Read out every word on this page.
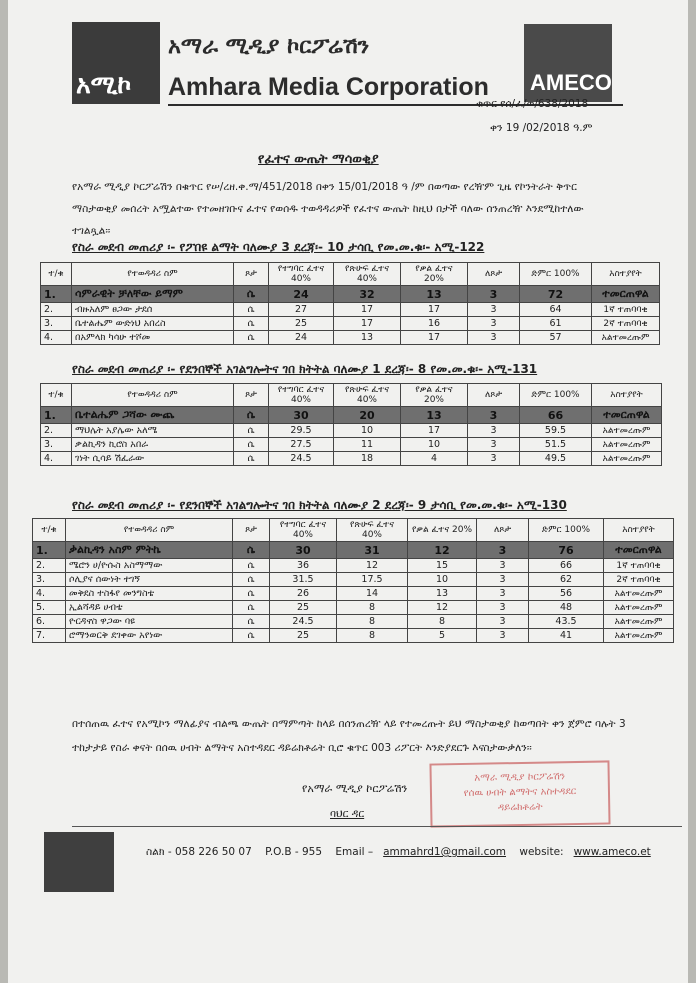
አሚኮ
አማራ ሚዲያ ኮርፖሬሽን
Amhara Media Corporation AMECO
ቁጥር የሰ/ፈ/ወ/638/2018
ቀን 19 /02/2018 ዓ.ም
የፈተና ውጤት ማሳወቂያ
የአማራ ሚዲያ ኮርፖሬሽን በቁጥር የሠ/ረዘ.ቀ.ማ/451/2018 በቀን 15/01/2018 ዓ /ም በወጣው የረዥም ጊዜ የኮንትራት ቅጥር ማስታወቂያ መሰረት አሟልተው የተመዘገቡና ፈተና የወሰዱ ተወዳዳሪዎች የፈተና ውጤት ከዚህ በታች ባለው ሰንጠረዥ እንደሚከተለው ተገልጿል፡፡
የስራ መደብ መጠሪያ ፡- የፖበዩ ልማት ባለሙያ 3 ደረጃ፡- 10 ታሳቢ የመ.መ.ቁ፡- አሚ-122
ተ/ቁ	የተወዳዳሪ ስም	ጾታ	የተግባር ፈተና 40%	የጽሁፍ ፈተና 40%	የቃል ፈተና 20%	ለጾታ	ድምር 100%	አስተያየት
1.	ሳምራዊት ቻለቸው ይማም	ሴ	24	32	13	3	72	ተመርጠዋል
2.	ብዙአለም ፀጋው ታደሰ	ሴ	27	17	17	3	64	1ኛ ተጠባባቂ
3.	ቤተልሔም ውድነህ አበረስ	ሴ	25	17	16	3	61	2ኛ ተጠባባቂ
4.	በአምላክ ካሳሁ ተሾመ	ሴ	24	13	17	3	57	አልተመረጡም
የስራ መደብ መጠሪያ ፡- የደንበኞች አገልግሎትና ገበ ክትትል ባለሙያ 1 ደረጃ፡- 8 የመ.መ.ቁ፡- አሚ-131
ተ/ቁ	የተወዳዳሪ ስም	ጾታ	የተግባር ፈተና 40%	የጽሁፍ ፈተና 40%	የቃል ፈተና 20%	ለጾታ	ድምር 100%	አስተያየት
1.	ቤተልሔም ጋሻው ሙጨ	ሴ	30	20	13	3	66	ተመርጠዋል
2.	ማህሌት አያሌው አለሜ	ሴ	29.5	10	17	3	59.5	አልተመረጡም
3.	ቃልኪዳን ኪሮስ አበራ	ሴ	27.5	11	10	3	51.5	አልተመረጡም
4.	ገነት ሲሳይ ሽፈራው	ሴ	24.5	18	4	3	49.5	አልተመረጡም
የስራ መደብ መጠሪያ ፡- የደንበኞች አገልግሎትና ገበ ክትትል ባለሙያ 2 ደረጃ፡- 9 ታሳቢ የመ.መ.ቁ፡- አሚ-130
ተ/ቁ	የተወዳዳሪ ስም	ጾታ	የተግባር ፈተና 40%	የጽሁፍ ፈተና 40%	የቃል ፈተና 20%	ለጾታ	ድምር 100%	አስተያየት
1.	ቃልኪዳን አስም ምትኬ	ሴ	30	31	12	3	76	ተመርጠዋል
2.	ሜሮን ሀ/ዮሱስ አስማማው	ሴ	36	12	15	3	66	1ኛ ተጠባባቂ
3.	ሶሊያና ሰውነት ተገኝ	ሴ	31.5	17.5	10	3	62	2ኛ ተጠባባቂ
4.	መቅደስ ተስፋየ መንግስቴ	ሴ	26	14	13	3	56	አልተመረጡም
5.	ኢልሻዳይ ሀብቴ	ሴ	25	8	12	3	48	አልተመረጡም
6.	ዮርዳኖስ ዋጋው ባዩ	ሴ	24.5	8	8	3	43.5	አልተመረጡም
7.	ሮማንወርቅ ደገቀው አየነው	ሴ	25	8	5	3	41	አልተመረጡም
በተሰጠዉ ፈተና የአሚኮን ማለፊያና ብልጫ ውጤት በማምጣት ከላይ በሰንጠረዥ ላይ የተመረጡት ይህ ማስታወቂያ ከወጣበት ቀን ጀምሮ ባሉት 3 ተከታታይ የስራ ቀናት በሰዉ ሀብት ልማትና አስተዳደር ዳይሬክቶሬት ቢሮ ቁጥር 003 ሪፖርት እንድያደርጉ እናስታውቃለን፡፡
የአማራ ሚዲያ ኮርፖሬሽን
ባህር ዳር
አማራ ሚዲያ ኮርፖሬሽን
የሰዉ ሀብት ልማትና አስተዳደር
ዳይሬክቶሬት
ስልክ - 058 226 50 07 P.O.B - 955 Email – ammahrd1@gmail.com website: www.ameco.et
